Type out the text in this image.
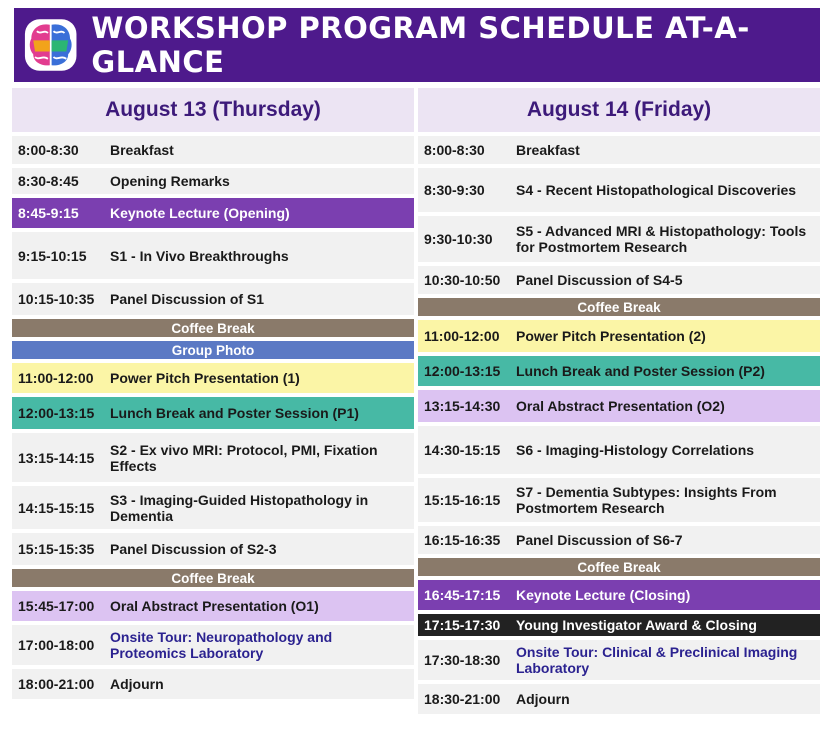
WORKSHOP PROGRAM SCHEDULE AT-A-GLANCE
August 13 (Thursday)
8:00-8:30	Breakfast
8:30-8:45	Opening Remarks
8:45-9:15	Keynote Lecture (Opening)
9:15-10:15	S1 - In Vivo Breakthroughs
10:15-10:35	Panel Discussion of S1
Coffee Break
Group Photo
11:00-12:00	Power Pitch Presentation (1)
12:00-13:15	Lunch Break and Poster Session (P1)
13:15-14:15	S2 - Ex vivo MRI: Protocol, PMI, Fixation Effects
14:15-15:15	S3 - Imaging-Guided Histopathology in Dementia
15:15-15:35	Panel Discussion of S2-3
Coffee Break
15:45-17:00	Oral Abstract Presentation (O1)
17:00-18:00	Onsite Tour: Neuropathology and Proteomics Laboratory
18:00-21:00	Adjourn
August 14 (Friday)
8:00-8:30	Breakfast
8:30-9:30	S4 - Recent Histopathological Discoveries
9:30-10:30	S5 - Advanced MRI & Histopathology: Tools for Postmortem Research
10:30-10:50	Panel Discussion of S4-5
Coffee Break
11:00-12:00	Power Pitch Presentation (2)
12:00-13:15	Lunch Break and Poster Session (P2)
13:15-14:30	Oral Abstract Presentation (O2)
14:30-15:15	S6 - Imaging-Histology Correlations
15:15-16:15	S7 - Dementia Subtypes: Insights From Postmortem Research
16:15-16:35	Panel Discussion of S6-7
Coffee Break
16:45-17:15	Keynote Lecture (Closing)
17:15-17:30	Young Investigator Award & Closing
17:30-18:30	Onsite Tour: Clinical & Preclinical Imaging Laboratory
18:30-21:00	Adjourn
